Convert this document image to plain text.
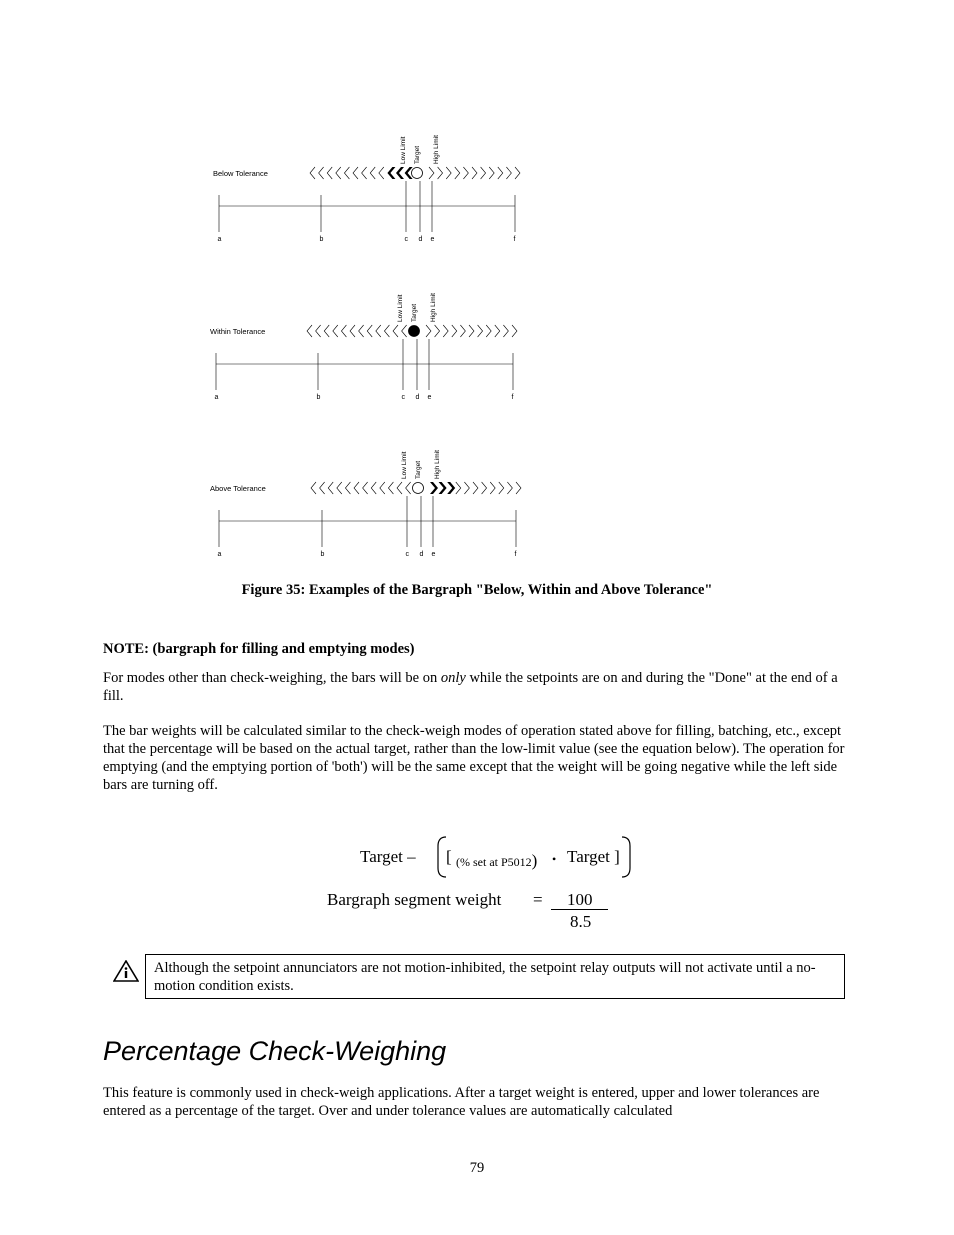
Below Tolerance
Low Limit Target High Limit
a	b	c d e	f
Within Tolerance
Low Limit Target High Limit
a	b	c d e	f
Above Tolerance
Low Limit Target High Limit
a	b	c d e	f
Figure 35: Examples of the Bargraph "Below, Within and Above Tolerance"
NOTE: (bargraph for filling and emptying modes)
For modes other than check-weighing, the bars will be on only while the setpoints are on and during the "Done" at the end of a fill.
The bar weights will be calculated similar to the check-weigh modes of operation stated above for filling, batching, etc., except that the percentage will be based on the actual target, rather than the low-limit value (see the equation below). The operation for emptying (and the emptying portion of 'both') will be the same except that the weight will be going negative while the left side bars are turning off.
Target – [ (% set at P5012) • Target ]
Bargraph segment weight = 100
8.5
Although the setpoint annunciators are not motion-inhibited, the setpoint relay outputs will not activate until a no-motion condition exists.
Percentage Check-Weighing
This feature is commonly used in check-weigh applications. After a target weight is entered, upper and lower tolerances are entered as a percentage of the target. Over and under tolerance values are automatically calculated
79
